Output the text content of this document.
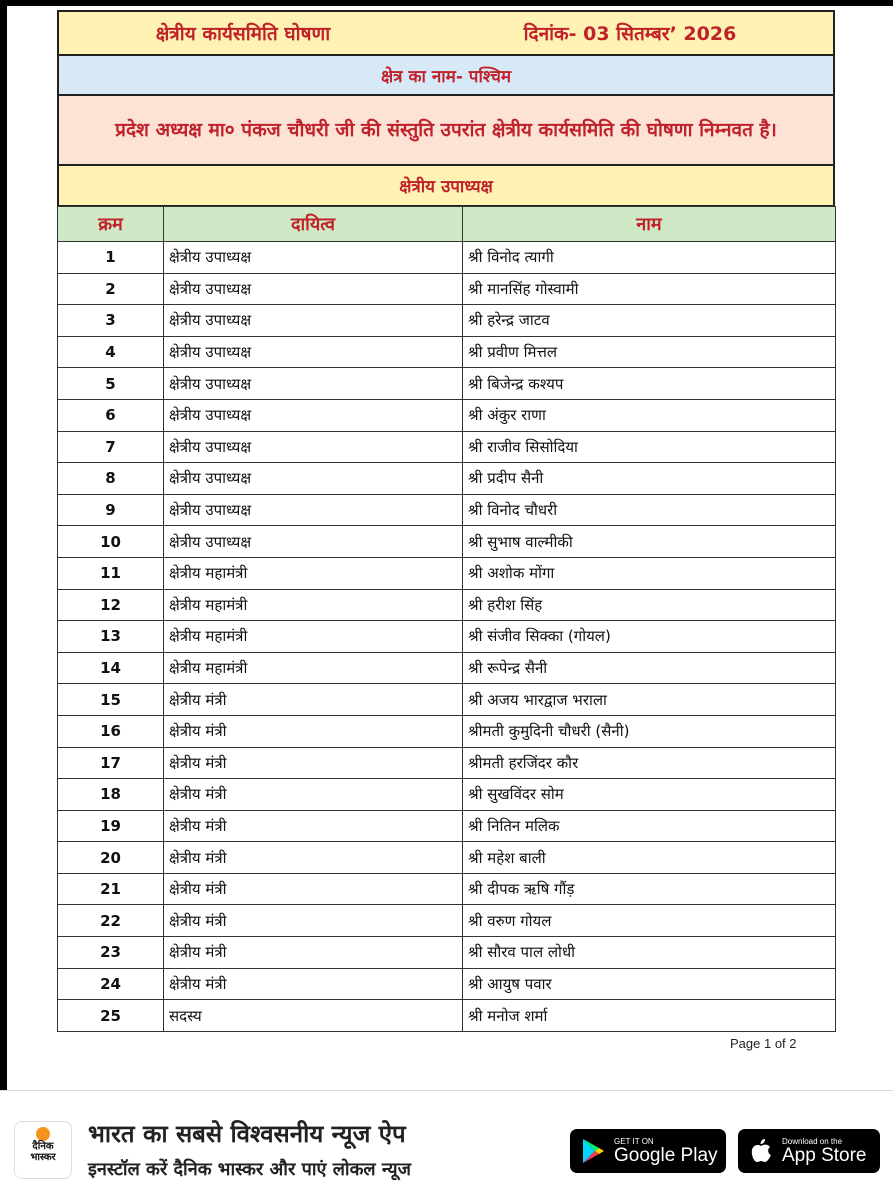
क्षेत्रीय कार्यसमिति घोषणा	दिनांक- 03 सितम्बर’ 2026
क्षेत्र का नाम- पश्चिम
प्रदेश अध्यक्ष मा० पंकज चौधरी जी की संस्तुति उपरांत क्षेत्रीय कार्यसमिति की घोषणा निम्नवत है।
क्षेत्रीय उपाध्यक्ष
क्रम	दायित्व	नाम
1	क्षेत्रीय उपाध्यक्ष	श्री विनोद त्यागी
2	क्षेत्रीय उपाध्यक्ष	श्री मानसिंह गोस्वामी
3	क्षेत्रीय उपाध्यक्ष	श्री हरेन्द्र जाटव
4	क्षेत्रीय उपाध्यक्ष	श्री प्रवीण मित्तल
5	क्षेत्रीय उपाध्यक्ष	श्री बिजेन्द्र कश्यप
6	क्षेत्रीय उपाध्यक्ष	श्री अंकुर राणा
7	क्षेत्रीय उपाध्यक्ष	श्री राजीव सिसोदिया
8	क्षेत्रीय उपाध्यक्ष	श्री प्रदीप सैनी
9	क्षेत्रीय उपाध्यक्ष	श्री विनोद चौधरी
10	क्षेत्रीय उपाध्यक्ष	श्री सुभाष वाल्मीकी
11	क्षेत्रीय महामंत्री	श्री अशोक मोंगा
12	क्षेत्रीय महामंत्री	श्री हरीश सिंह
13	क्षेत्रीय महामंत्री	श्री संजीव सिक्का (गोयल)
14	क्षेत्रीय महामंत्री	श्री रूपेन्द्र सैनी
15	क्षेत्रीय मंत्री	श्री अजय भारद्वाज भराला
16	क्षेत्रीय मंत्री	श्रीमती कुमुदिनी चौधरी (सैनी)
17	क्षेत्रीय मंत्री	श्रीमती हरजिंदर कौर
18	क्षेत्रीय मंत्री	श्री सुखविंदर सोम
19	क्षेत्रीय मंत्री	श्री नितिन मलिक
20	क्षेत्रीय मंत्री	श्री महेश बाली
21	क्षेत्रीय मंत्री	श्री दीपक ऋषि गौंड़
22	क्षेत्रीय मंत्री	श्री वरुण गोयल
23	क्षेत्रीय मंत्री	श्री सौरव पाल लोधी
24	क्षेत्रीय मंत्री	श्री आयुष पवार
25	सदस्य	श्री मनोज शर्मा
Page 1 of 2
दैनिक
भास्कर
भारत का सबसे विश्वसनीय न्यूज ऐप
इनस्टॉल करें दैनिक भास्कर और पाएं लोकल न्यूज
GET IT ON
Google Play
Download on the
App Store
